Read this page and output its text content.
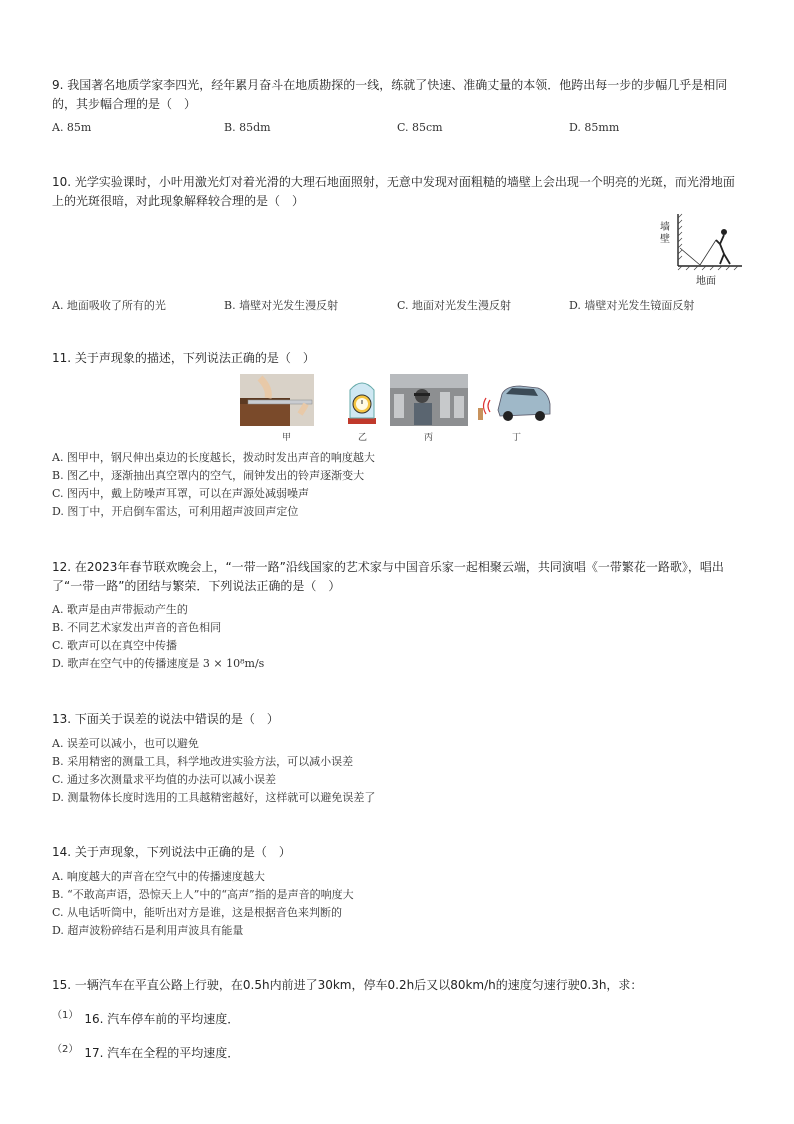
9. 我国著名地质学家李四光，经年累月奋斗在地质勘探的一线，练就了快速、准确丈量的本领．他跨出每一步的步幅几乎是相同的，其步幅合理的是（　）
A. 85m	B. 85dm	C. 85cm	D. 85mm
10. 光学实验课时，小叶用激光灯对着光滑的大理石地面照射，无意中发现对面粗糙的墙壁上会出现一个明亮的光斑，而光滑地面上的光斑很暗，对此现象解释较合理的是（　）
墙壁
地面
A. 地面吸收了所有的光	B. 墙壁对光发生漫反射	C. 地面对光发生漫反射	D. 墙壁对光发生镜面反射
11. 关于声现象的描述，下列说法正确的是（　）
甲	乙	丙	丁
A. 图甲中，钢尺伸出桌边的长度越长，拨动时发出声音的响度越大
B. 图乙中，逐渐抽出真空罩内的空气，闹钟发出的铃声逐渐变大
C. 图丙中，戴上防噪声耳罩，可以在声源处减弱噪声
D. 图丁中，开启倒车雷达，可利用超声波回声定位
12. 在2023年春节联欢晚会上，“一带一路”沿线国家的艺术家与中国音乐家一起相聚云端，共同演唱《一带繁花一路歌》，唱出了“一带一路”的团结与繁荣．下列说法正确的是（　）
A. 歌声是由声带振动产生的
B. 不同艺术家发出声音的音色相同
C. 歌声可以在真空中传播
D. 歌声在空气中的传播速度是 3 × 10⁸m/s
13. 下面关于误差的说法中错误的是（　）
A. 误差可以减小，也可以避免
B. 采用精密的测量工具，科学地改进实验方法，可以减小误差
C. 通过多次测量求平均值的办法可以减小误差
D. 测量物体长度时选用的工具越精密越好，这样就可以避免误差了
14. 关于声现象，下列说法中正确的是（　）
A. 响度越大的声音在空气中的传播速度越大
B. “不敢高声语，恐惊天上人”中的“高声”指的是声音的响度大
C. 从电话听筒中，能听出对方是谁，这是根据音色来判断的
D. 超声波粉碎结石是利用声波具有能量
15. 一辆汽车在平直公路上行驶，在0.5h内前进了30km，停车0.2h后又以80km/h的速度匀速行驶0.3h，求：
$^{(1)}$ 16. 汽车停车前的平均速度．
$^{(2)}$ 17. 汽车在全程的平均速度．
